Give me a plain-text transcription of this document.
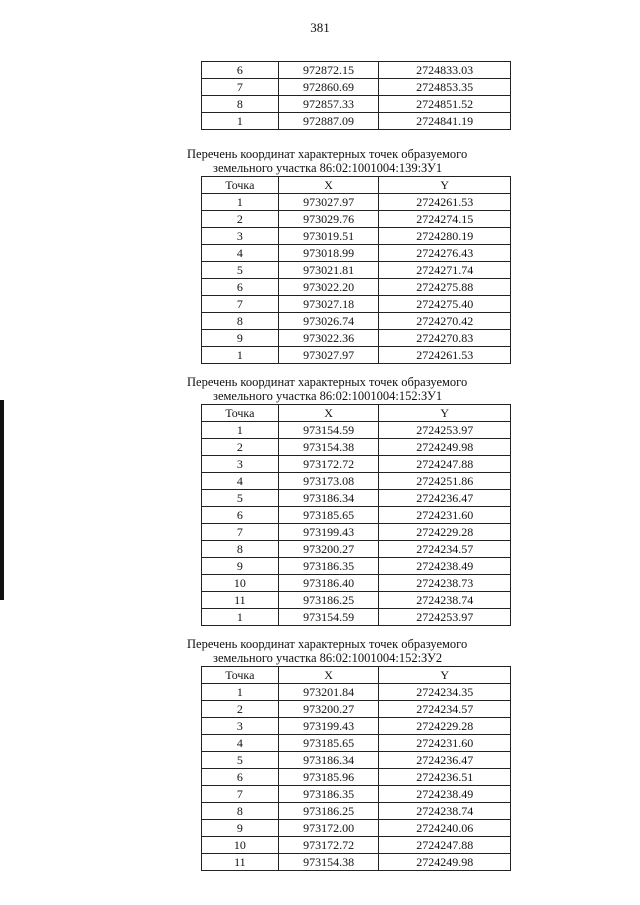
381
6	972872.15	2724833.03
7	972860.69	2724853.35
8	972857.33	2724851.52
1	972887.09	2724841.19
Перечень координат характерных точек образуемого
земельного участка 86:02:1001004:139:ЗУ1
Точка	X	Y
1	973027.97	2724261.53
2	973029.76	2724274.15
3	973019.51	2724280.19
4	973018.99	2724276.43
5	973021.81	2724271.74
6	973022.20	2724275.88
7	973027.18	2724275.40
8	973026.74	2724270.42
9	973022.36	2724270.83
1	973027.97	2724261.53
Перечень координат характерных точек образуемого
земельного участка 86:02:1001004:152:ЗУ1
Точка	X	Y
1	973154.59	2724253.97
2	973154.38	2724249.98
3	973172.72	2724247.88
4	973173.08	2724251.86
5	973186.34	2724236.47
6	973185.65	2724231.60
7	973199.43	2724229.28
8	973200.27	2724234.57
9	973186.35	2724238.49
10	973186.40	2724238.73
11	973186.25	2724238.74
1	973154.59	2724253.97
Перечень координат характерных точек образуемого
земельного участка 86:02:1001004:152:ЗУ2
Точка	X	Y
1	973201.84	2724234.35
2	973200.27	2724234.57
3	973199.43	2724229.28
4	973185.65	2724231.60
5	973186.34	2724236.47
6	973185.96	2724236.51
7	973186.35	2724238.49
8	973186.25	2724238.74
9	973172.00	2724240.06
10	973172.72	2724247.88
11	973154.38	2724249.98
